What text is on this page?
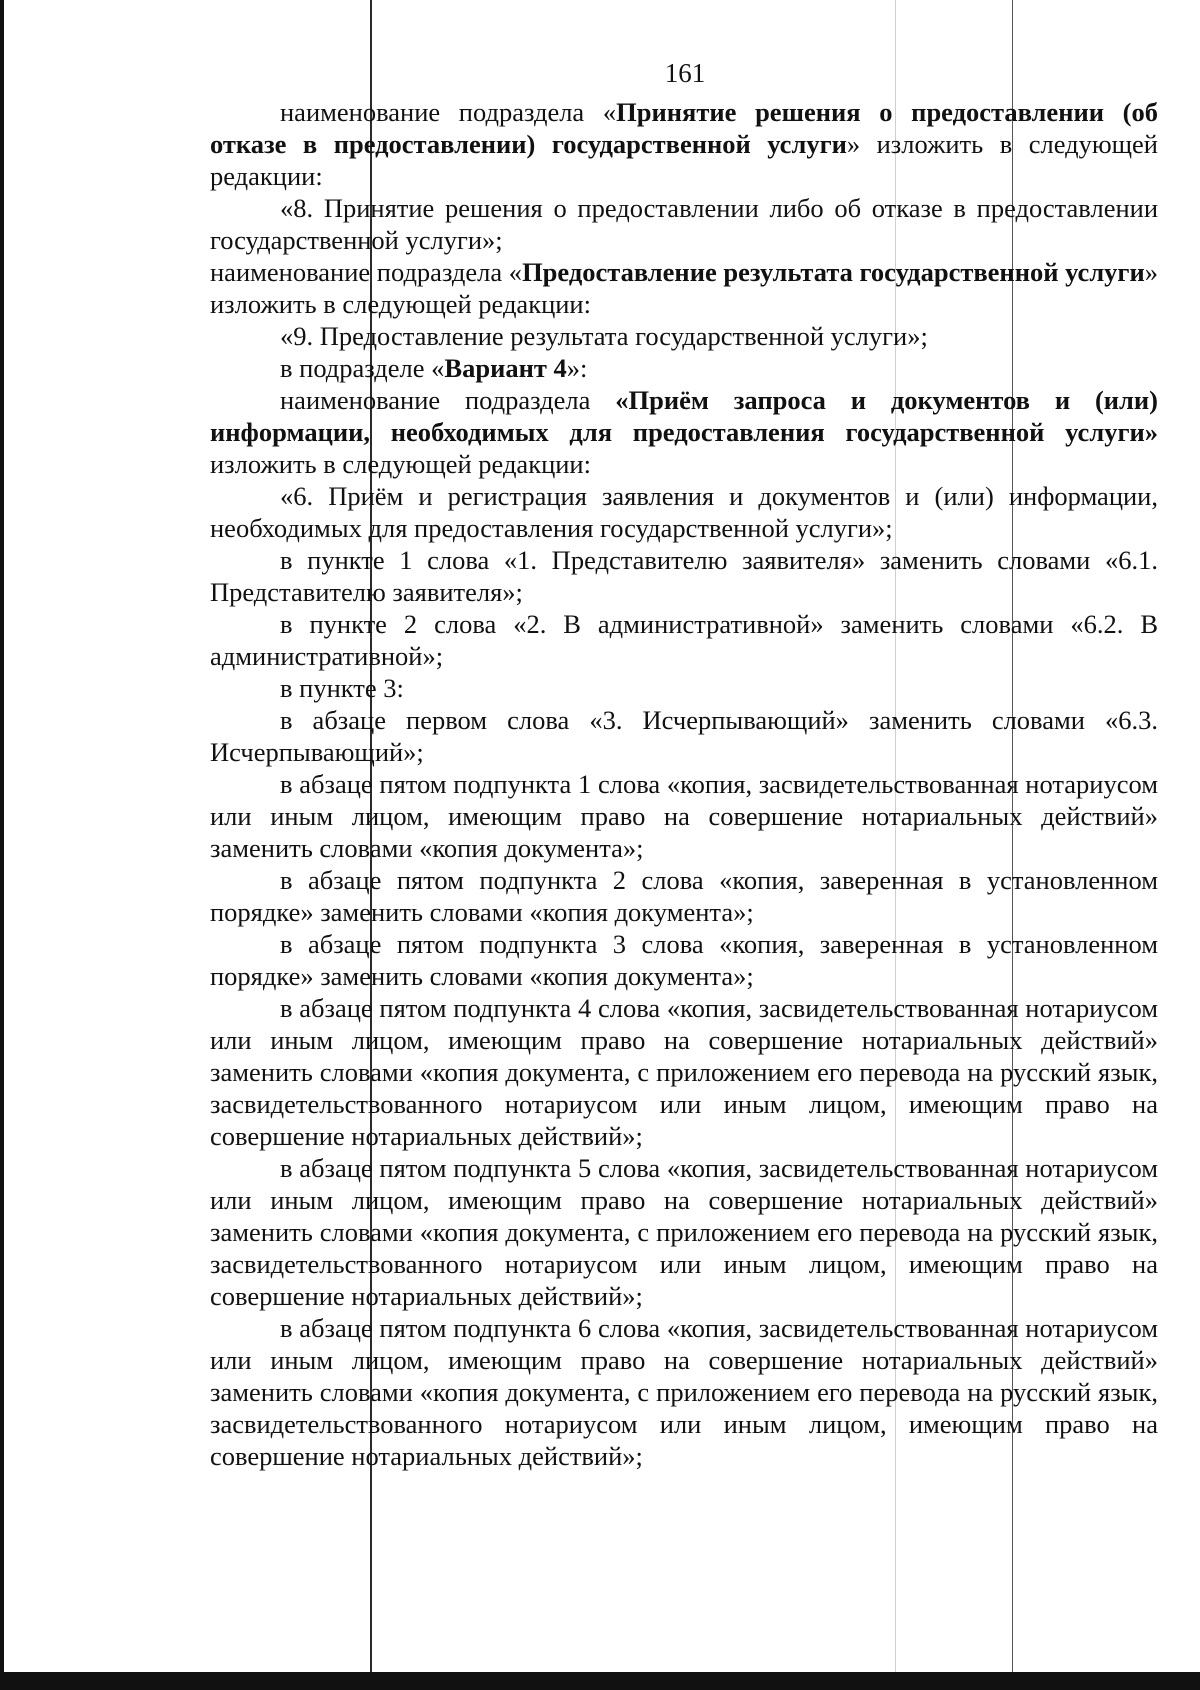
161

наименование подраздела «Принятие решения о предоставлении (об отказе в предоставлении) государственной услуги» изложить в следующей редакции:

«8. Принятие решения о предоставлении либо об отказе в предоставлении государственной услуги»;

наименование подраздела «Предоставление результата государственной услуги» изложить в следующей редакции:

«9. Предоставление результата государственной услуги»;

в подразделе «Вариант 4»:

наименование подраздела «Приём запроса и документов и (или) информации, необходимых для предоставления государственной услуги» изложить в следующей редакции:

«6. Приём и регистрация заявления и документов и (или) информации, необходимых для предоставления государственной услуги»;

в пункте 1 слова «1. Представителю заявителя» заменить словами «6.1. Представителю заявителя»;

в пункте 2 слова «2. В административной» заменить словами «6.2. В административной»;

в пункте 3:

в абзаце первом слова «3. Исчерпывающий» заменить словами «6.3. Исчерпывающий»;

в абзаце пятом подпункта 1 слова «копия, засвидетельствованная нотариусом или иным лицом, имеющим право на совершение нотариальных действий» заменить словами «копия документа»;

в абзаце пятом подпункта 2 слова «копия, заверенная в установленном порядке» заменить словами «копия документа»;

в абзаце пятом подпункта 3 слова «копия, заверенная в установленном порядке» заменить словами «копия документа»;

в абзаце пятом подпункта 4 слова «копия, засвидетельствованная нотариусом или иным лицом, имеющим право на совершение нотариальных действий» заменить словами «копия документа, с приложением его перевода на русский язык, засвидетельствованного нотариусом или иным лицом, имеющим право на совершение нотариальных действий»;

в абзаце пятом подпункта 5 слова «копия, засвидетельствованная нотариусом или иным лицом, имеющим право на совершение нотариальных действий» заменить словами «копия документа, с приложением его перевода на русский язык, засвидетельствованного нотариусом или иным лицом, имеющим право на совершение нотариальных действий»;

в абзаце пятом подпункта 6 слова «копия, засвидетельствованная нотариусом или иным лицом, имеющим право на совершение нотариальных действий» заменить словами «копия документа, с приложением его перевода на русский язык, засвидетельствованного нотариусом или иным лицом, имеющим право на совершение нотариальных действий»;
